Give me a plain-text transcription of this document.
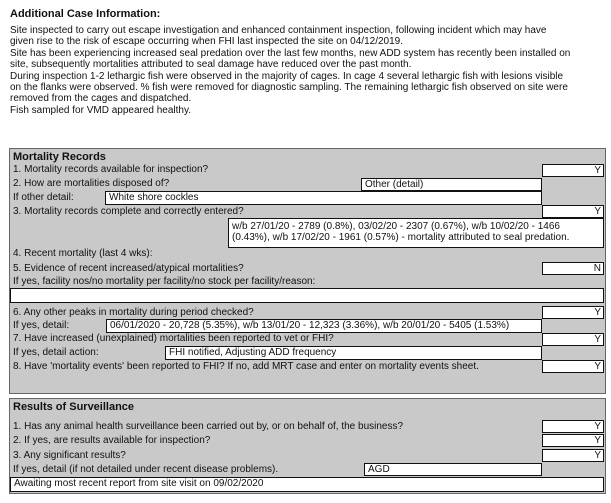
Additional Case Information:
Site inspected to carry out escape investigation and enhanced containment inspection, following incident which may have
given rise to the risk of escape occurring when FHI last inspected the site on 04/12/2019.
Site has been experiencing increased seal predation over the last few months, new ADD system has recently been installed on
site, subsequently mortalities attributed to seal damage have reduced over the past month.
During inspection 1-2 lethargic fish were observed in the majority of cages. In cage 4 several lethargic fish with lesions visible
on the flanks were observed. % fish were removed for diagnostic sampling. The remaining lethargic fish observed on site were
removed from the cages and dispatched.
Fish sampled for VMD appeared healthy.
Mortality Records
1. Mortality records available for inspection?	Y
2. How are mortalities disposed of?	Other (detail)
If other detail:	White shore cockles
3. Mortality records complete and correctly entered?	Y
w/b 27/01/20 - 2789 (0.8%), 03/02/20 - 2307 (0.67%), w/b 10/02/20 - 1466
(0.43%), w/b 17/02/20 - 1961 (0.57%) - mortality attributed to seal predation.
4. Recent mortality (last 4 wks):
5. Evidence of recent increased/atypical mortalities?	N
If yes, facility nos/no mortality per facility/no stock per facility/reason:
6. Any other peaks in mortality during period checked?	Y
If yes, detail:	06/01/2020 - 20,728 (5.35%), w/b 13/01/20 - 12,323 (3.36%), w/b 20/01/20 - 5405 (1.53%)
7. Have increased (unexplained) mortalities been reported to vet or FHI?	Y
If yes, detail action:	FHI notified, Adjusting ADD frequency
8. Have 'mortality events' been reported to FHI? If no, add MRT case and enter on mortality events sheet.	Y
Results of Surveillance
1. Has any animal health surveillance been carried out by, or on behalf of, the business?	Y
2. If yes, are results available for inspection?	Y
3. Any significant results?	Y
If yes, detail (if not detailed under recent disease problems).	AGD
Awaiting most recent report from site visit on 09/02/2020
